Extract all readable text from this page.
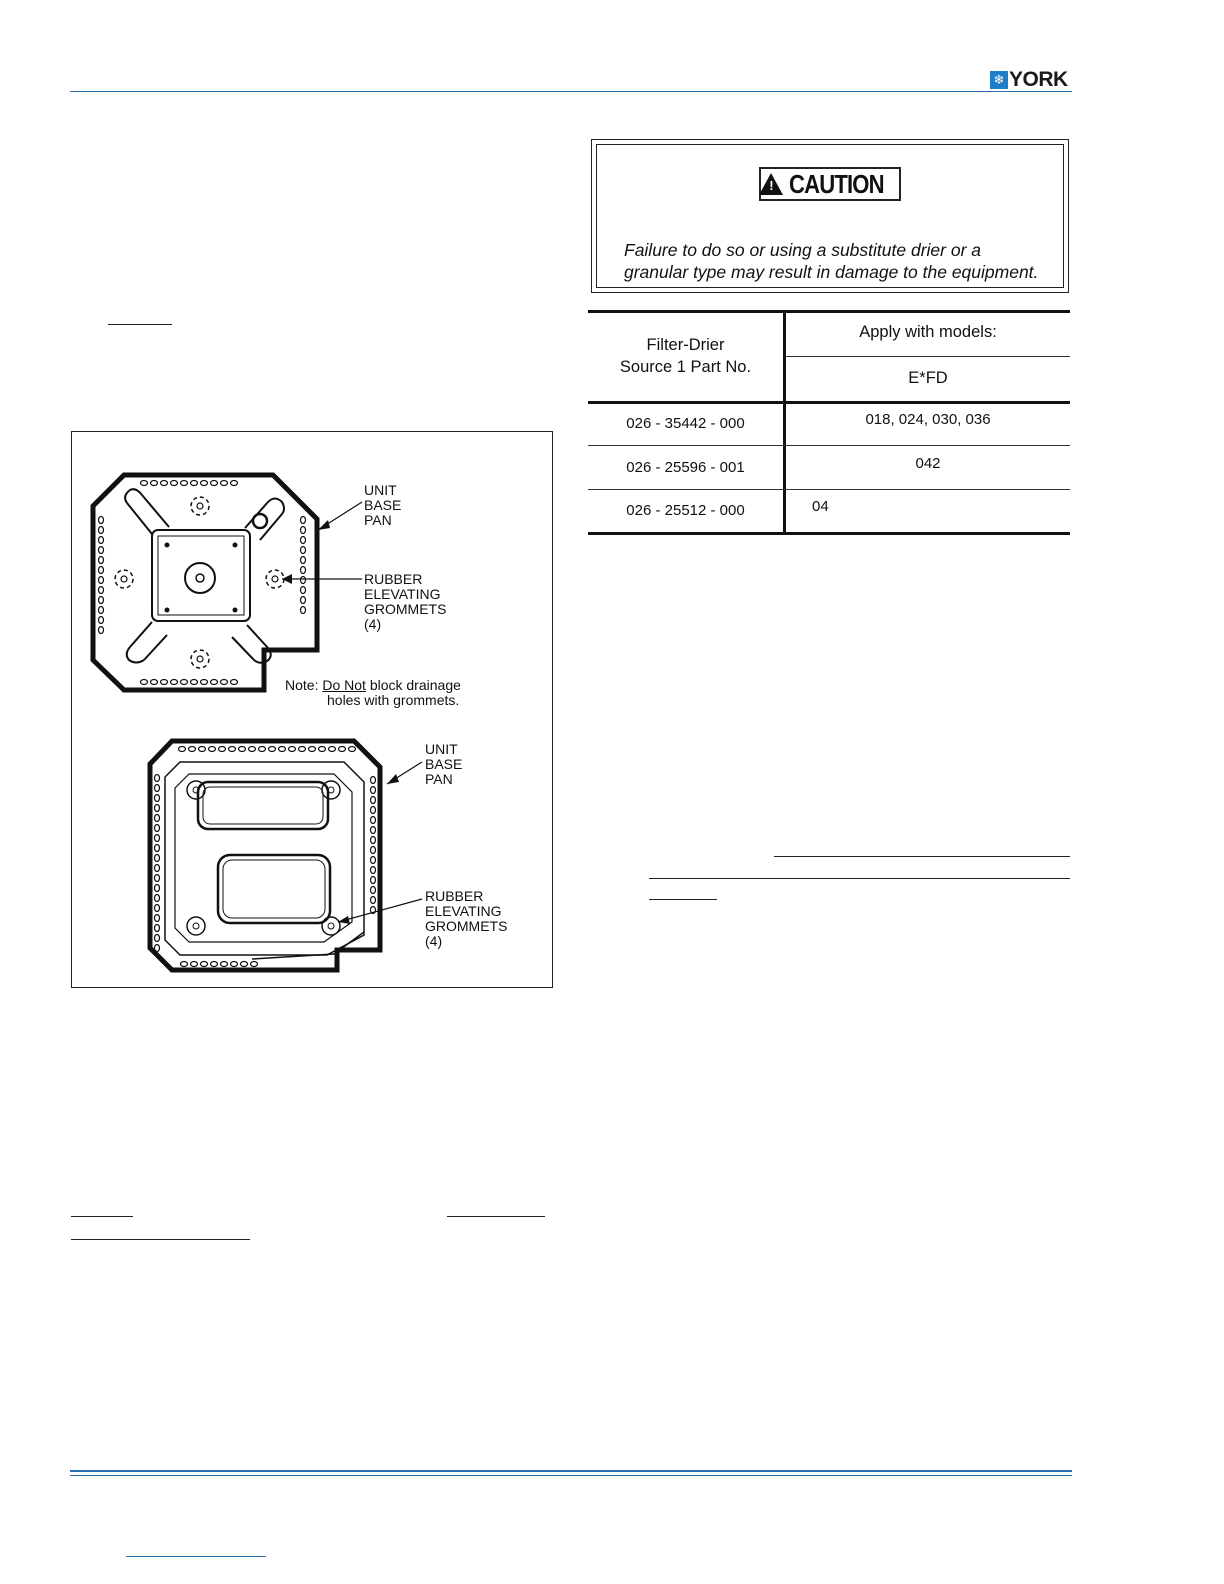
❄ YORK
! CAUTION
Failure to do so or using a substitute drier or a granular type may result in damage to the equipment.
Filter-Drier
Source 1 Part No.
Apply with models:
E*FD
026 - 35442 - 000	018, 024, 030, 036
026 - 25596 - 001	042
026 - 25512 - 000	04
UNIT
BASE
PAN
RUBBER
ELEVATING
GROMMETS
(4)
Note: Do Not block drainage
holes with grommets.
UNIT
BASE
PAN
RUBBER
ELEVATING
GROMMETS
(4)
